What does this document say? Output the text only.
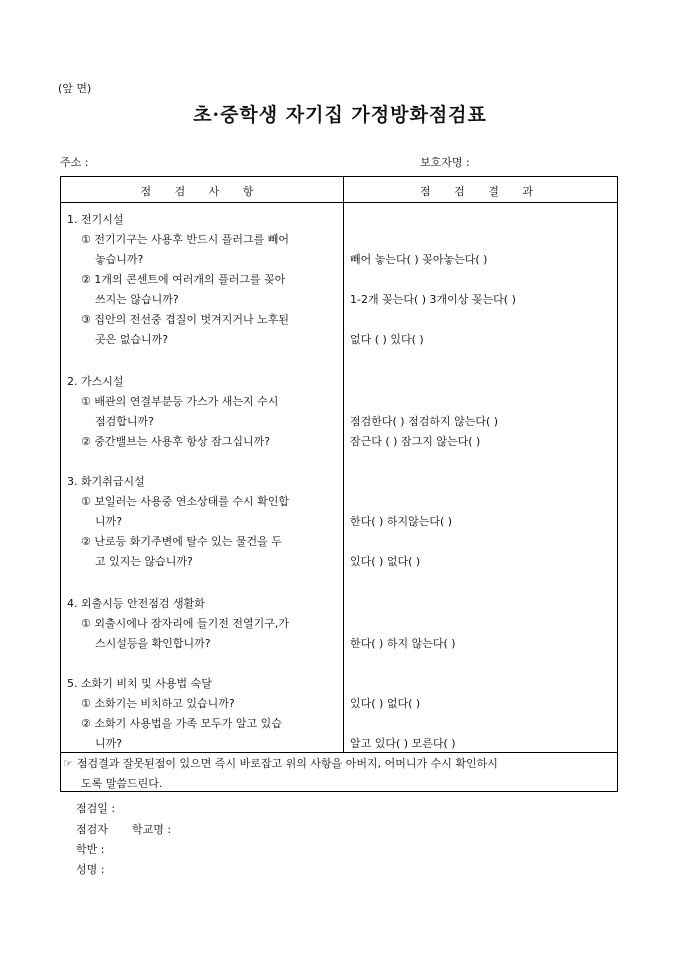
(앞 면)
초·중학생 자기집 가정방화점검표
주소 :	보호자명 :
점 검 사 항	점 검 결 과
1. 전기시설
① 전기기구는 사용후 반드시 플러그를 빼어
놓습니까?	빼어 놓는다( ) 꽂아놓는다( )
② 1개의 콘센트에 여러개의 플러그를 꽂아
쓰지는 않습니까?	1-2개 꽂는다( ) 3개이상 꽂는다( )
③ 집안의 전선중 겹질이 벗겨지거나 노후된
곳은 없습니까?	없다 ( ) 있다( )
2. 가스시설
① 배관의 연결부분등 가스가 새는지 수시
점검합니까?	점검한다( ) 점검하지 않는다( )
② 중간밸브는 사용후 항상 잠그십니까?	잠근다 ( ) 잠그지 않는다( )
3. 화기취급시설
① 보일러는 사용중 연소상태를 수시 확인합
니까?	한다( ) 하지않는다( )
② 난로등 화기주변에 탈수 있는 물건을 두
고 있지는 않습니까?	있다( ) 없다( )
4. 외출시등 안전점검 생활화
① 외출시에나 잠자리에 들기전 전열기구,가
스시설등을 확인합니까?	한다( ) 하지 않는다( )
5. 소화기 비치 및 사용법 숙달
① 소화기는 비치하고 있습니까?	있다( ) 없다( )
② 소화기 사용법을 가족 모두가 알고 있습
니까?	알고 있다( ) 모른다( )
☞ 점검결과 잘못된점이 있으면 즉시 바로잡고 위의 사항을 아버지, 어머니가 수시 확인하시
도록 말씀드린다.
점검일 :
점검자 학교명 :
학반 :
성명 :
